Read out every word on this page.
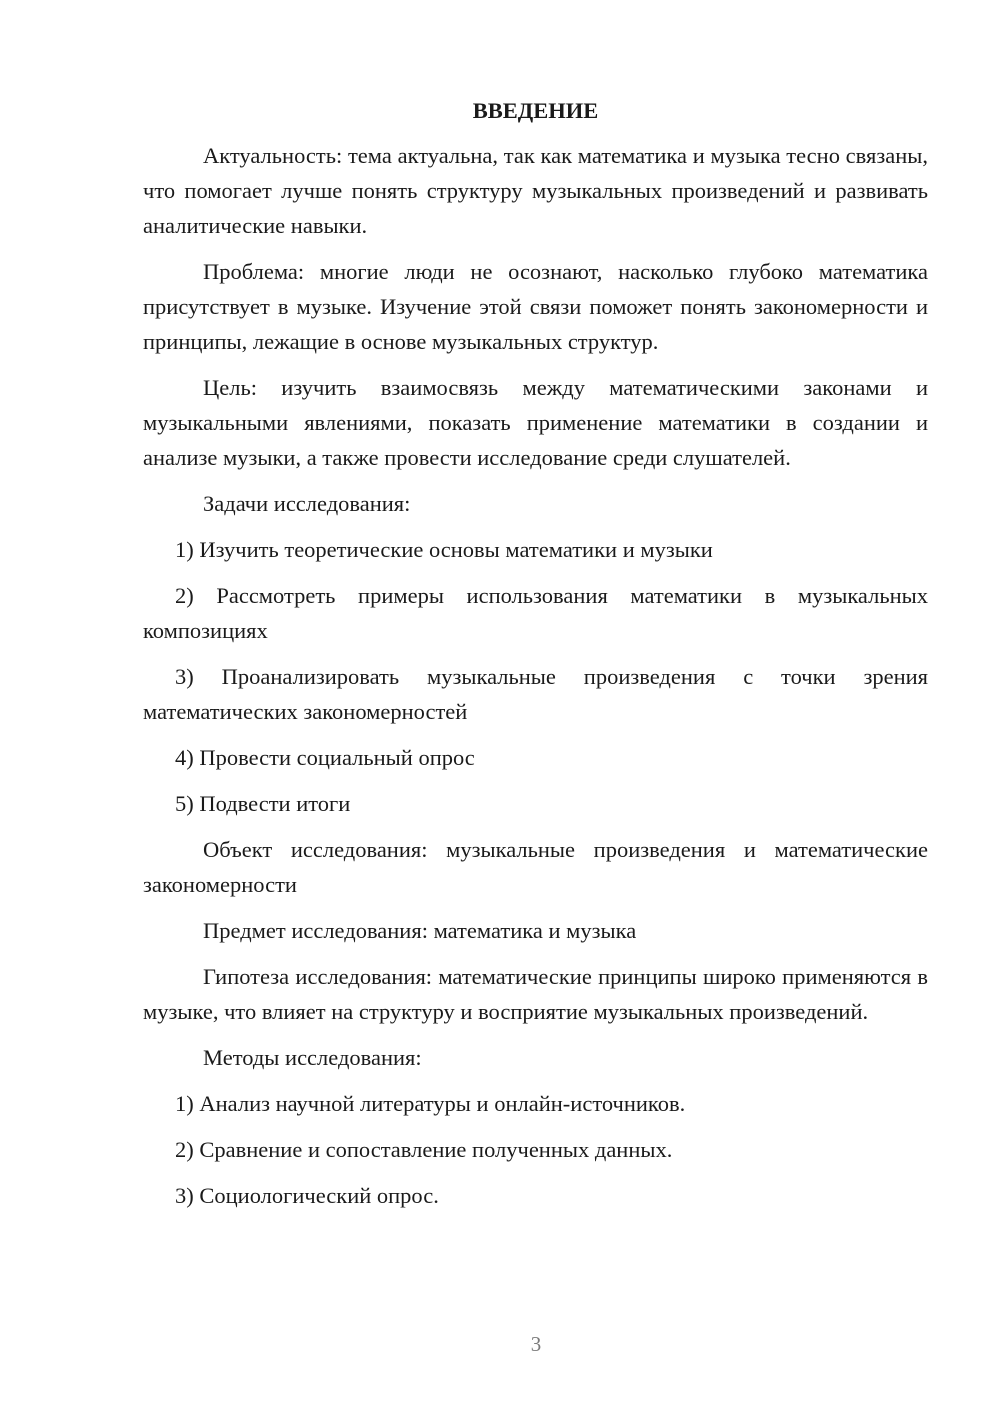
ВВЕДЕНИЕ

Актуальность: тема актуальна, так как математика и музыка тесно связаны, что помогает лучше понять структуру музыкальных произведений и развивать аналитические навыки.

Проблема: многие люди не осознают, насколько глубоко математика присутствует в музыке. Изучение этой связи поможет понять закономерности и принципы, лежащие в основе музыкальных структур.

Цель: изучить взаимосвязь между математическими законами и музыкальными явлениями, показать применение математики в создании и анализе музыки, а также провести исследование среди слушателей.

Задачи исследования:

1) Изучить теоретические основы математики и музыки

2) Рассмотреть примеры использования математики в музыкальных композициях

3) Проанализировать музыкальные произведения с точки зрения математических закономерностей

4) Провести социальный опрос

5) Подвести итоги

Объект исследования: музыкальные произведения и математические закономерности

Предмет исследования: математика и музыка

Гипотеза исследования: математические принципы широко применяются в музыке, что влияет на структуру и восприятие музыкальных произведений.

Методы исследования:

1) Анализ научной литературы и онлайн-источников.

2) Сравнение и сопоставление полученных данных.

3) Социологический опрос.

3
